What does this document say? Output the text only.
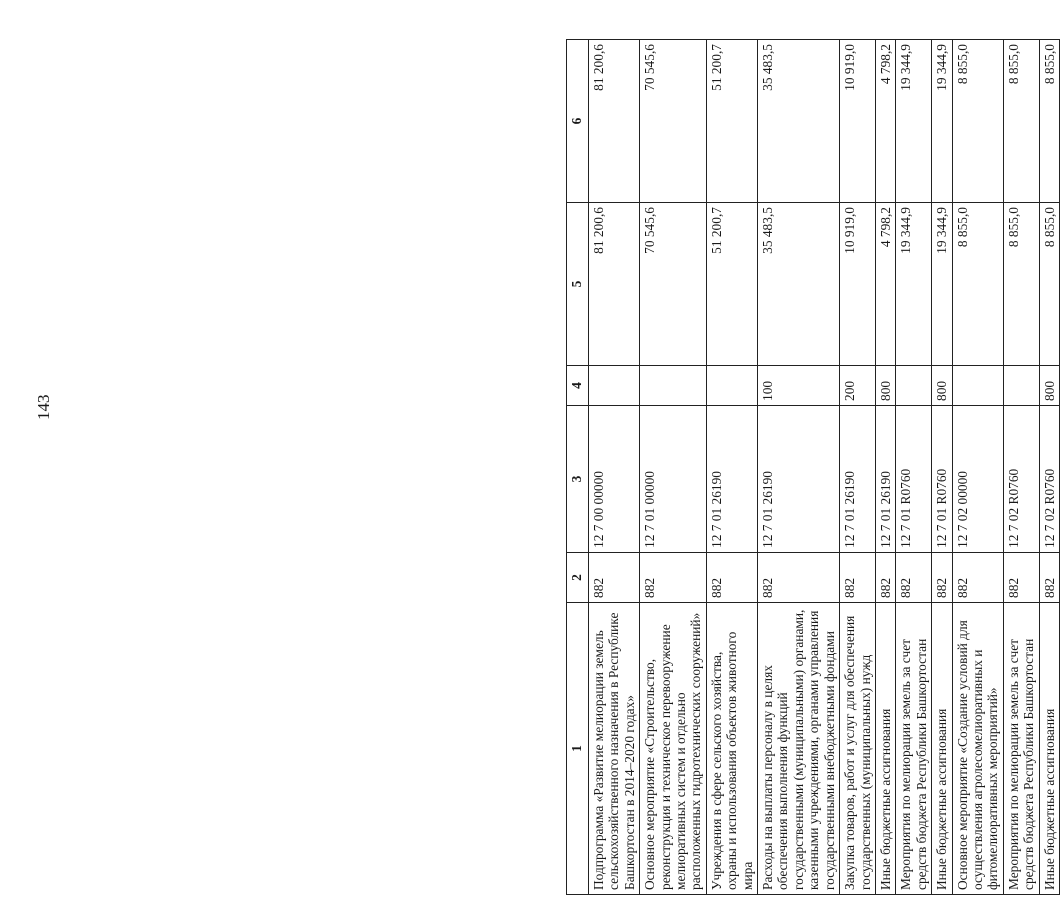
143
1	2	3	4	5	6
Подпрограмма «Развитие мелиорации земель сельскохозяйственного назначения в Республике Башкортостан в 2014–2020 годах»	882	12 7 00 00000		81 200,6	81 200,6
Основное мероприятие «Строительство, реконструкция и техническое перевооружение мелиоративных систем и отдельно расположенных гидротехнических сооружений»	882	12 7 01 00000		70 545,6	70 545,6
Учреждения в сфере сельского хозяйства, охраны и использования объектов животного мира	882	12 7 01 26190		51 200,7	51 200,7
Расходы на выплаты персоналу в целях обеспечения выполнения функций государственными (муниципальными) органами, казенными учреждениями, органами управления государственными внебюджетными фондами	882	12 7 01 26190	100	35 483,5	35 483,5
Закупка товаров, работ и услуг для обеспечения государственных (муниципальных) нужд	882	12 7 01 26190	200	10 919,0	10 919,0
Иные бюджетные ассигнования	882	12 7 01 26190	800	4 798,2	4 798,2
Мероприятия по мелиорации земель за счет средств бюджета Республики Башкортостан	882	12 7 01 R0760		19 344,9	19 344,9
Иные бюджетные ассигнования	882	12 7 01 R0760	800	19 344,9	19 344,9
Основное мероприятие «Создание условий для осуществления агролесомелиоративных и фитомелиоративных мероприятий»	882	12 7 02 00000		8 855,0	8 855,0
Мероприятия по мелиорации земель за счет средств бюджета Республики Башкортостан	882	12 7 02 R0760		8 855,0	8 855,0
Иные бюджетные ассигнования	882	12 7 02 R0760	800	8 855,0	8 855,0
